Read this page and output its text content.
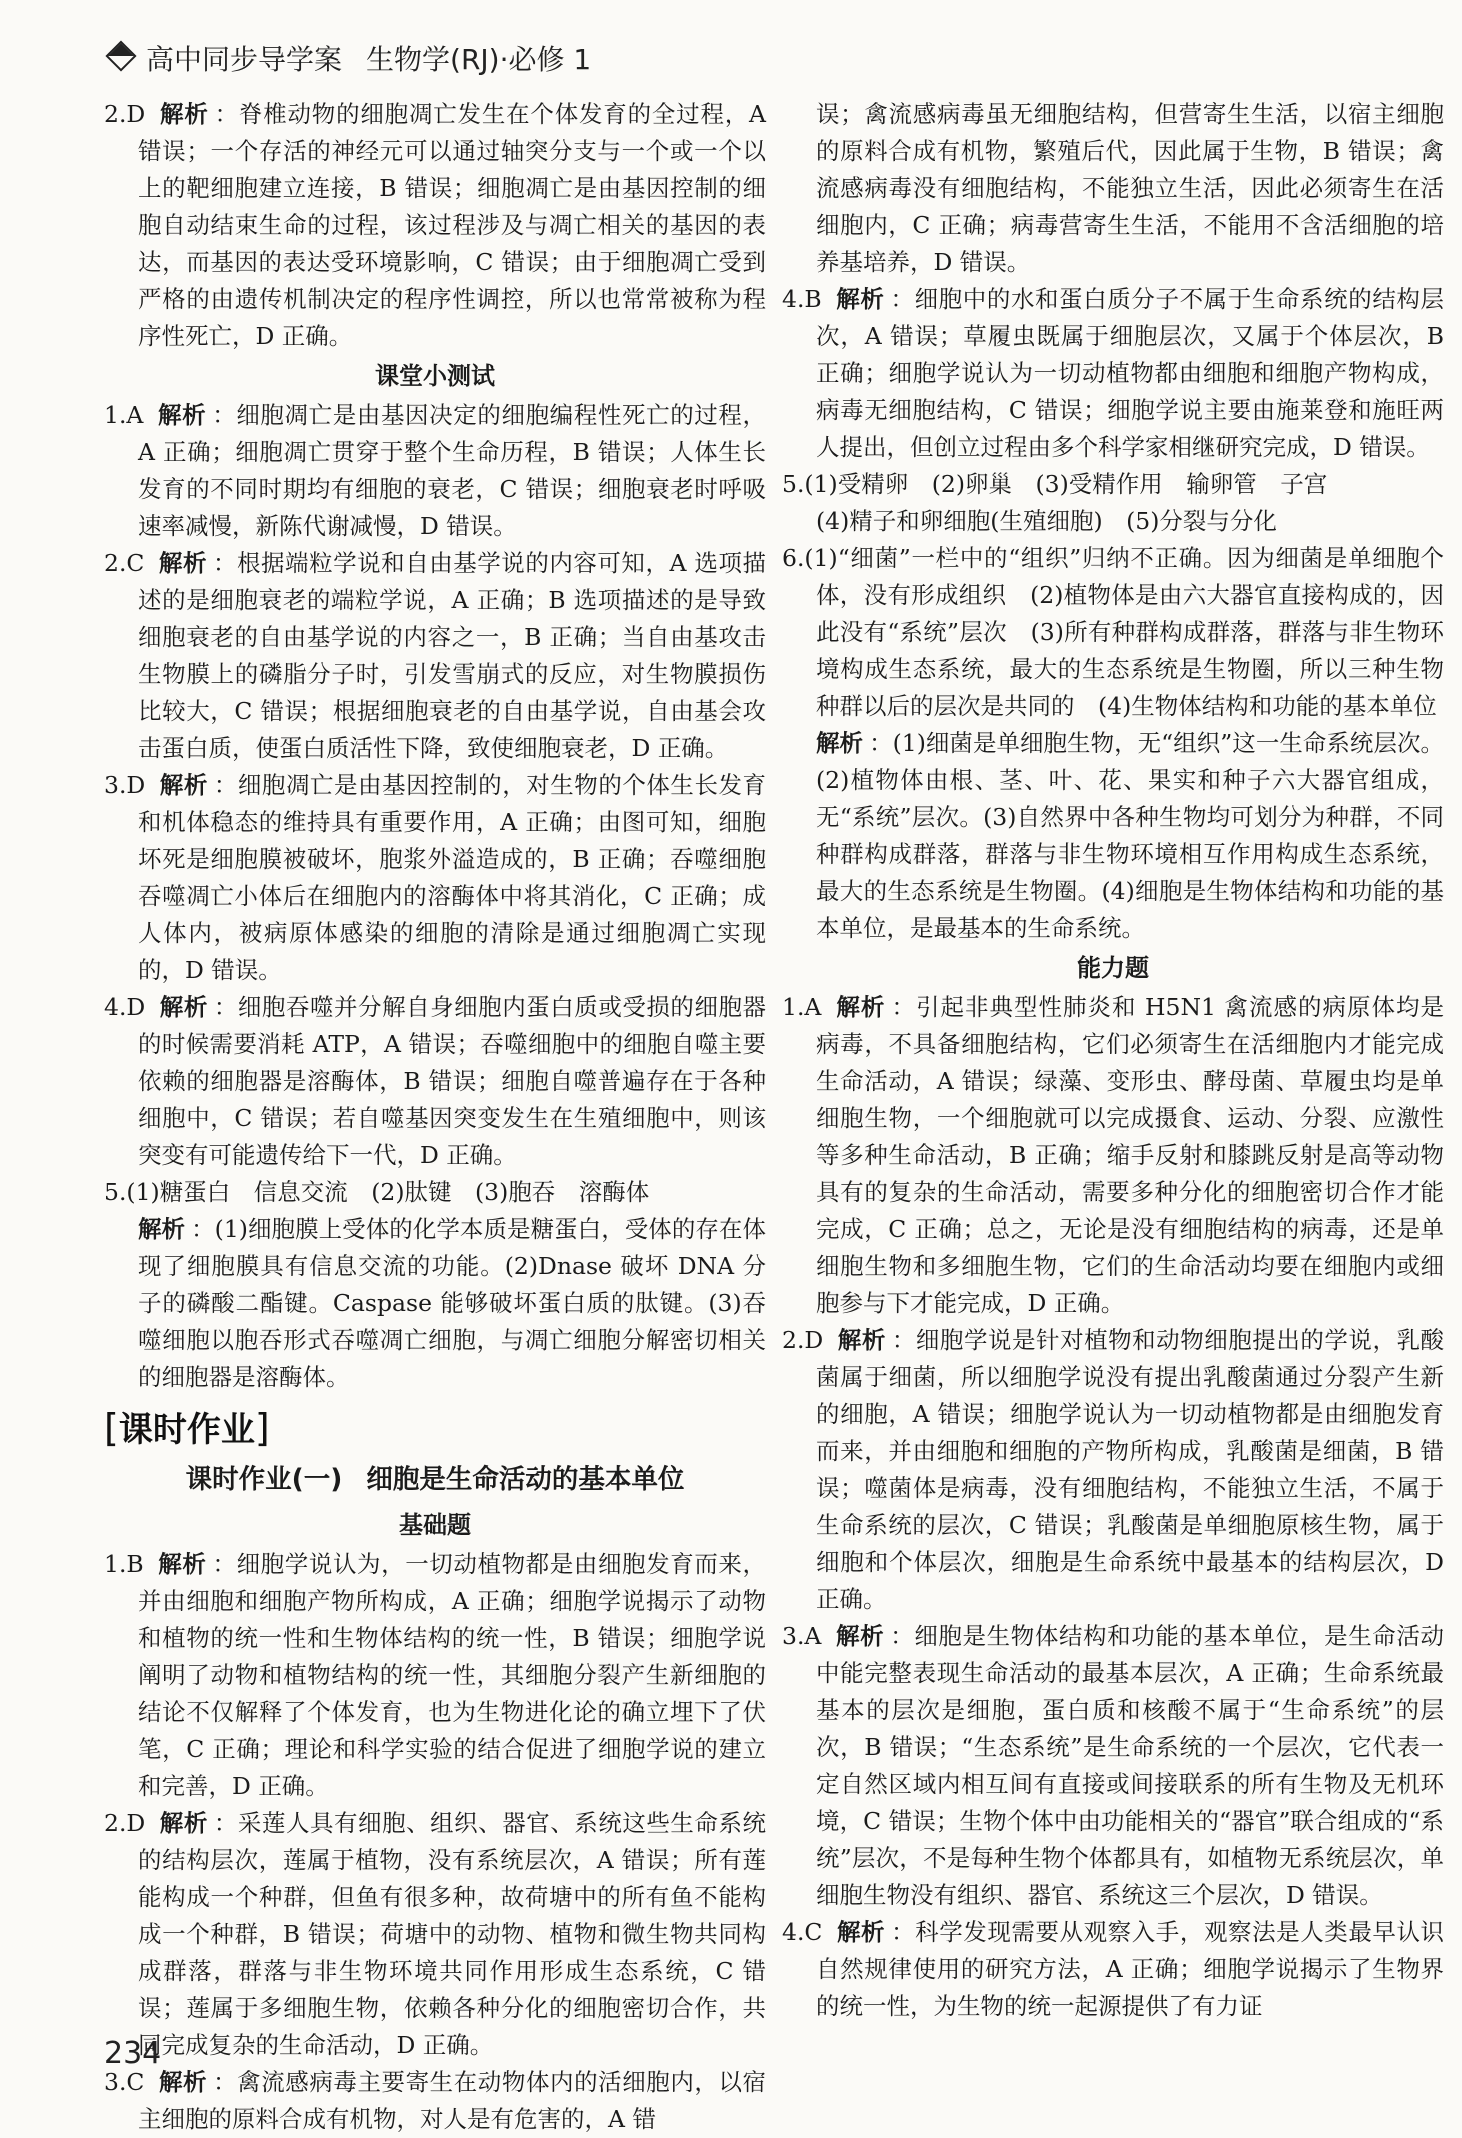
高中同步导学案 生物学(RJ)·必修 1

2.D 解析 ：脊椎动物的细胞凋亡发生在个体发育的全过程，A 错误；一个存活的神经元可以通过轴突分支与一个或一个以上的靶细胞建立连接，B 错误；细胞凋亡是由基因控制的细胞自动结束生命的过程，该过程涉及与凋亡相关的基因的表达，而基因的表达受环境影响，C 错误；由于细胞凋亡受到严格的由遗传机制决定的程序性调控，所以也常常被称为程序性死亡，D 正确。

课堂小测试

1.A 解析 ：细胞凋亡是由基因决定的细胞编程性死亡的过程，A 正确；细胞凋亡贯穿于整个生命历程，B 错误；人体生长发育的不同时期均有细胞的衰老，C 错误；细胞衰老时呼吸速率减慢，新陈代谢减慢，D 错误。

2.C 解析 ：根据端粒学说和自由基学说的内容可知，A 选项描述的是细胞衰老的端粒学说，A 正确；B 选项描述的是导致细胞衰老的自由基学说的内容之一，B 正确；当自由基攻击生物膜上的磷脂分子时，引发雪崩式的反应，对生物膜损伤比较大，C 错误；根据细胞衰老的自由基学说，自由基会攻击蛋白质，使蛋白质活性下降，致使细胞衰老，D 正确。

3.D 解析 ：细胞凋亡是由基因控制的，对生物的个体生长发育和机体稳态的维持具有重要作用，A 正确；由图可知，细胞坏死是细胞膜被破坏，胞浆外溢造成的，B 正确；吞噬细胞吞噬凋亡小体后在细胞内的溶酶体中将其消化，C 正确；成人体内，被病原体感染的细胞的清除是通过细胞凋亡实现的，D 错误。

4.D 解析 ：细胞吞噬并分解自身细胞内蛋白质或受损的细胞器的时候需要消耗 ATP，A 错误；吞噬细胞中的细胞自噬主要依赖的细胞器是溶酶体，B 错误；细胞自噬普遍存在于各种细胞中，C 错误；若自噬基因突变发生在生殖细胞中，则该突变有可能遗传给下一代，D 正确。

5.(1)糖蛋白　信息交流　(2)肽键　(3)胞吞　溶酶体

解析 ：(1)细胞膜上受体的化学本质是糖蛋白，受体的存在体现了细胞膜具有信息交流的功能。(2)Dnase 破坏 DNA 分子的磷酸二酯键。Caspase 能够破坏蛋白质的肽键。(3)吞噬细胞以胞吞形式吞噬凋亡细胞，与凋亡细胞分解密切相关的细胞器是溶酶体。

[课时作业]
课时作业(一) 细胞是生命活动的基本单位
基础题

1.B 解析 ：细胞学说认为，一切动植物都是由细胞发育而来，并由细胞和细胞产物所构成，A 正确；细胞学说揭示了动物和植物的统一性和生物体结构的统一性，B 错误；细胞学说阐明了动物和植物结构的统一性，其细胞分裂产生新细胞的结论不仅解释了个体发育，也为生物进化论的确立埋下了伏笔，C 正确；理论和科学实验的结合促进了细胞学说的建立和完善，D 正确。

2.D 解析 ：采莲人具有细胞、组织、器官、系统这些生命系统的结构层次，莲属于植物，没有系统层次，A 错误；所有莲能构成一个种群，但鱼有很多种，故荷塘中的所有鱼不能构成一个种群，B 错误；荷塘中的动物、植物和微生物共同构成群落，群落与非生物环境共同作用形成生态系统，C 错误；莲属于多细胞生物，依赖各种分化的细胞密切合作，共同完成复杂的生命活动，D 正确。

3.C 解析 ：禽流感病毒主要寄生在动物体内的活细胞内，以宿主细胞的原料合成有机物，对人是有危害的，A 错

误；禽流感病毒虽无细胞结构，但营寄生生活，以宿主细胞的原料合成有机物，繁殖后代，因此属于生物，B 错误；禽流感病毒没有细胞结构，不能独立生活，因此必须寄生在活细胞内，C 正确；病毒营寄生生活，不能用不含活细胞的培养基培养，D 错误。

4.B 解析 ：细胞中的水和蛋白质分子不属于生命系统的结构层次，A 错误；草履虫既属于细胞层次，又属于个体层次，B 正确；细胞学说认为一切动植物都由细胞和细胞产物构成，病毒无细胞结构，C 错误；细胞学说主要由施莱登和施旺两人提出，但创立过程由多个科学家相继研究完成，D 错误。

5.(1)受精卵　(2)卵巢　(3)受精作用　输卵管　子宫

(4)精子和卵细胞(生殖细胞)　(5)分裂与分化

6.(1)“细菌”一栏中的“组织”归纳不正确。因为细菌是单细胞个体，没有形成组织　(2)植物体是由六大器官直接构成的，因此没有“系统”层次　(3)所有种群构成群落，群落与非生物环境构成生态系统，最大的生态系统是生物圈，所以三种生物种群以后的层次是共同的　(4)生物体结构和功能的基本单位

解析 ：(1)细菌是单细胞生物，无“组织”这一生命系统层次。(2)植物体由根、茎、叶、花、果实和种子六大器官组成，无“系统”层次。(3)自然界中各种生物均可划分为种群，不同种群构成群落，群落与非生物环境相互作用构成生态系统，最大的生态系统是生物圈。(4)细胞是生物体结构和功能的基本单位，是最基本的生命系统。

能力题

1.A 解析 ：引起非典型性肺炎和 H5N1 禽流感的病原体均是病毒，不具备细胞结构，它们必须寄生在活细胞内才能完成生命活动，A 错误；绿藻、变形虫、酵母菌、草履虫均是单细胞生物，一个细胞就可以完成摄食、运动、分裂、应激性等多种生命活动，B 正确；缩手反射和膝跳反射是高等动物具有的复杂的生命活动，需要多种分化的细胞密切合作才能完成，C 正确；总之，无论是没有细胞结构的病毒，还是单细胞生物和多细胞生物，它们的生命活动均要在细胞内或细胞参与下才能完成，D 正确。

2.D 解析 ：细胞学说是针对植物和动物细胞提出的学说，乳酸菌属于细菌，所以细胞学说没有提出乳酸菌通过分裂产生新的细胞，A 错误；细胞学说认为一切动植物都是由细胞发育而来，并由细胞和细胞的产物所构成，乳酸菌是细菌，B 错误；噬菌体是病毒，没有细胞结构，不能独立生活，不属于生命系统的层次，C 错误；乳酸菌是单细胞原核生物，属于细胞和个体层次，细胞是生命系统中最基本的结构层次，D 正确。

3.A 解析 ：细胞是生物体结构和功能的基本单位，是生命活动中能完整表现生命活动的最基本层次，A 正确；生命系统最基本的层次是细胞，蛋白质和核酸不属于“生命系统”的层次，B 错误；“生态系统”是生命系统的一个层次，它代表一定自然区域内相互间有直接或间接联系的所有生物及无机环境，C 错误；生物个体中由功能相关的“器官”联合组成的“系统”层次，不是每种生物个体都具有，如植物无系统层次，单细胞生物没有组织、器官、系统这三个层次，D 错误。

4.C 解析 ：科学发现需要从观察入手，观察法是人类最早认识自然规律使用的研究方法，A 正确；细胞学说揭示了生物界的统一性，为生物的统一起源提供了有力证

234
